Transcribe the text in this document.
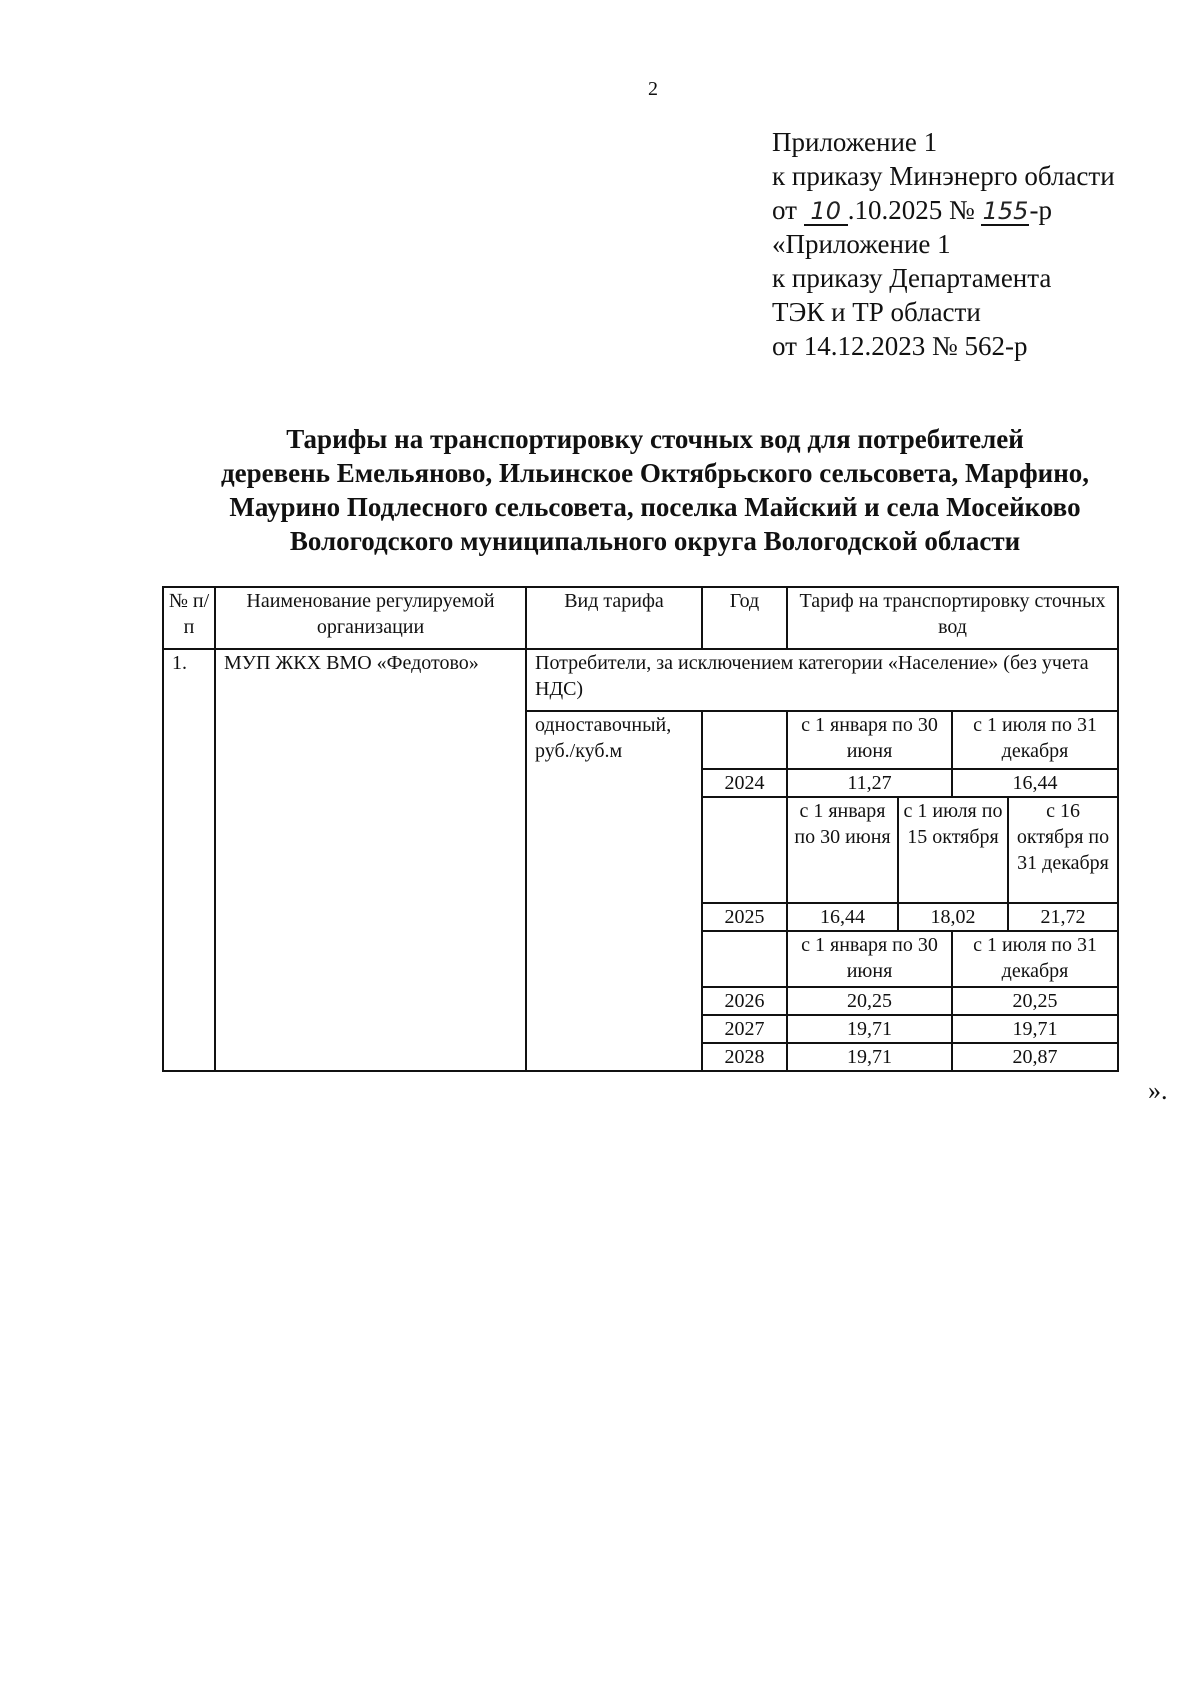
2
Приложение 1
к приказу Минэнерго области
от 10 .10.2025 № 155-р
«Приложение 1
к приказу Департамента
ТЭК и ТР области
от 14.12.2023 № 562-р
Тарифы на транспортировку сточных вод для потребителей
деревень Емельяново, Ильинское Октябрьского сельсовета, Марфино,
Маурино Подлесного сельсовета, поселка Майский и села Мосейково
Вологодского муниципального округа Вологодской области
№ п/п	Наименование регулируемой организации	Вид тарифа	Год	Тариф на транспортировку сточных вод			
1.	МУП ЖКХ ВМО «Федотово»	Потребители, за исключением категории «Население» (без учета НДС)					
		одноставочный, руб./куб.м		с 1 января по 30 июня		с 1 июля по 31 декабря	
			2024	11,27		16,44	
				с 1 января по 30 июня	с 1 июля по 15 октября		с 16 октября по 31 декабря
			2025	16,44	18,02		21,72
				с 1 января по 30 июня		с 1 июля по 31 декабря	
			2026	20,25		20,25	
			2027	19,71		19,71	
			2028	19,71		20,87	
».
